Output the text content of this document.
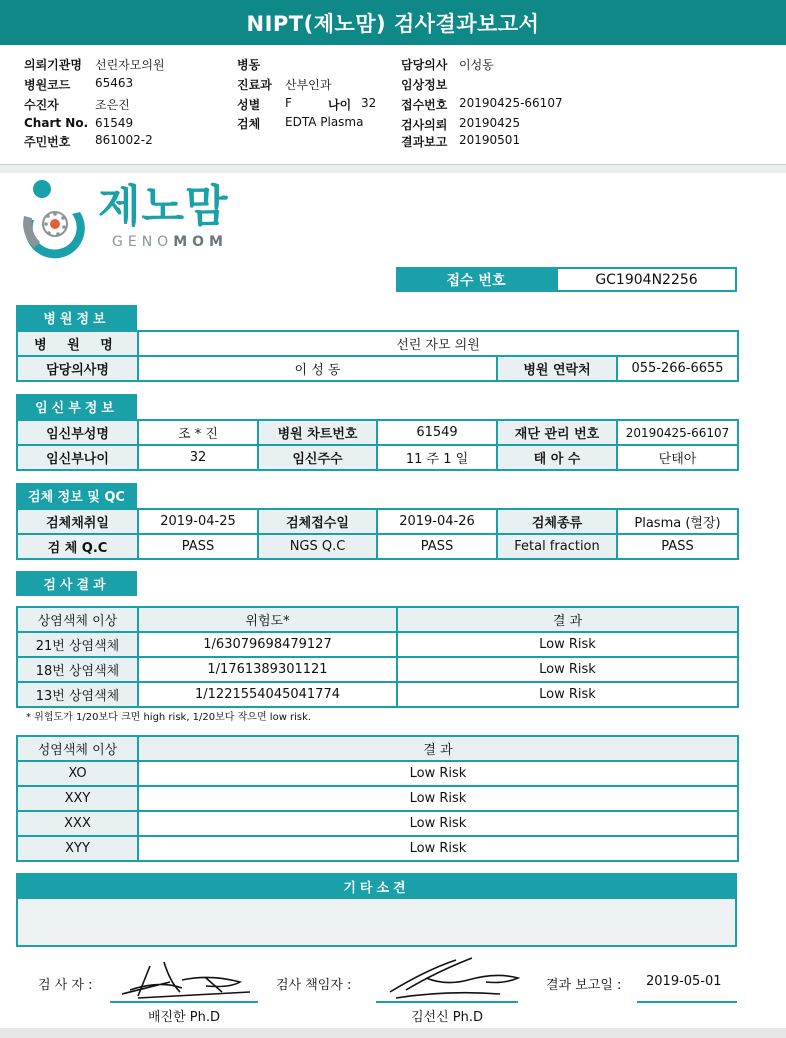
NIPT(제노맘) 검사결과보고서
의뢰기관명 선린자모의원
병원코드 65463
수진자	조은진
Chart No. 61549
주민번호 861002-2
병동
진료과 산부인과
성별 F	나이 32
검체 EDTA Plasma
담당의사 이성동
임상정보
접수번호 20190425-66107
검사의뢰 20190425
결과보고 20190501
제노맘
GENOMOM
접수 번호	GC1904N2256
병원정보
병 원 명	선린 자모 의원		
담당의사명	이 성 동	병원 연락처	055-266-6655
임신부정보
임신부성명	조 * 진	병원 차트번호	61549	재단 관리 번호	20190425-66107
임신부나이	32	임신주수	11 주 1 일	태 아 수	단태아
검체 정보 및 QC
검체채취일	2019-04-25	검체접수일	2019-04-26	검체종류	Plasma (혈장)
검 체 Q.C	PASS	NGS Q.C	PASS	Fetal fraction	PASS
검사결과
상염색체 이상	위험도*	결 과
21번 상염색체	1/63079698479127	Low Risk
18번 상염색체	1/1761389301121	Low Risk
13번 상염색체	1/1221554045041774	Low Risk
* 위험도가 1/20보다 크면 high risk, 1/20보다 작으면 low risk.
성염색체 이상	결 과
XO	Low Risk
XXY	Low Risk
XXX	Low Risk
XYY	Low Risk
기타소견
검 사 자 :
배진한 Ph.D
검사 책임자 :
김선신 Ph.D
결과 보고일 : 2019-05-01
